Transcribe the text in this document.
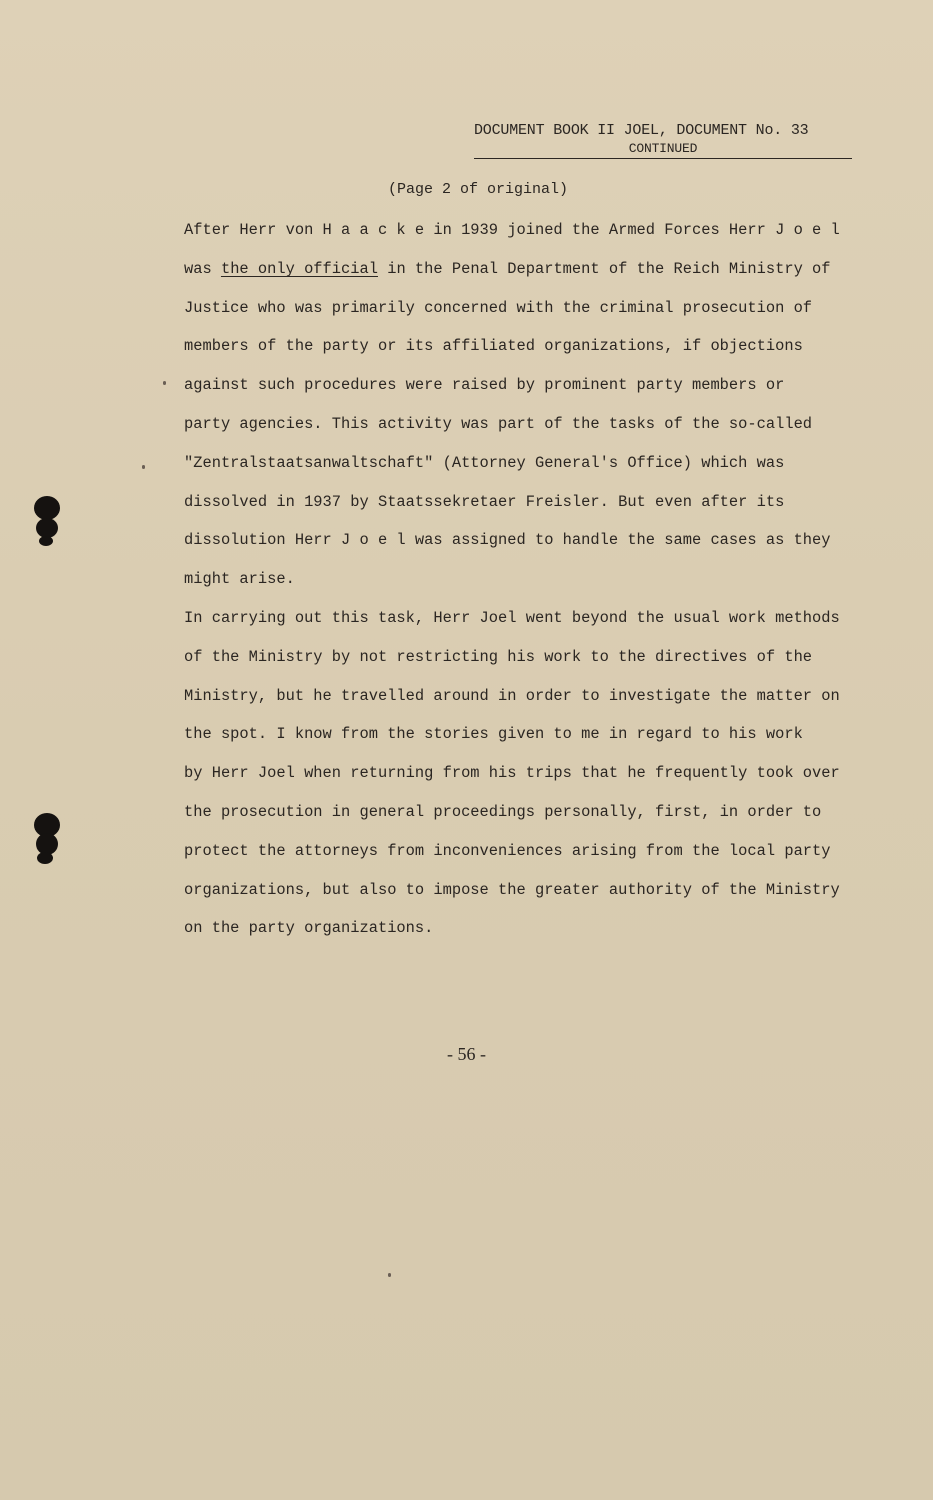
DOCUMENT BOOK II JOEL, DOCUMENT No. 33
CONTINUED
(Page 2 of original)
After Herr von H a a c k e in 1939 joined the Armed Forces Herr J o e l
was the only official in the Penal Department of the Reich Ministry of
Justice who was primarily concerned with the criminal prosecution of
members of the party or its affiliated organizations, if objections
against such procedures were raised by prominent party members or
party agencies. This activity was part of the tasks of the so-called
"Zentralstaatsanwaltschaft" (Attorney General's Office) which was
dissolved in 1937 by Staatssekretaer Freisler. But even after its
dissolution Herr J o e l was assigned to handle the same cases as they
might arise.
In carrying out this task, Herr Joel went beyond the usual work methods
of the Ministry by not restricting his work to the directives of the
Ministry, but he travelled around in order to investigate the matter on
the spot. I know from the stories given to me in regard to his work
by Herr Joel when returning from his trips that he frequently took over
the prosecution in general proceedings personally, first, in order to
protect the attorneys from inconveniences arising from the local party
organizations, but also to impose the greater authority of the Ministry
on the party organizations.
- 56 -
